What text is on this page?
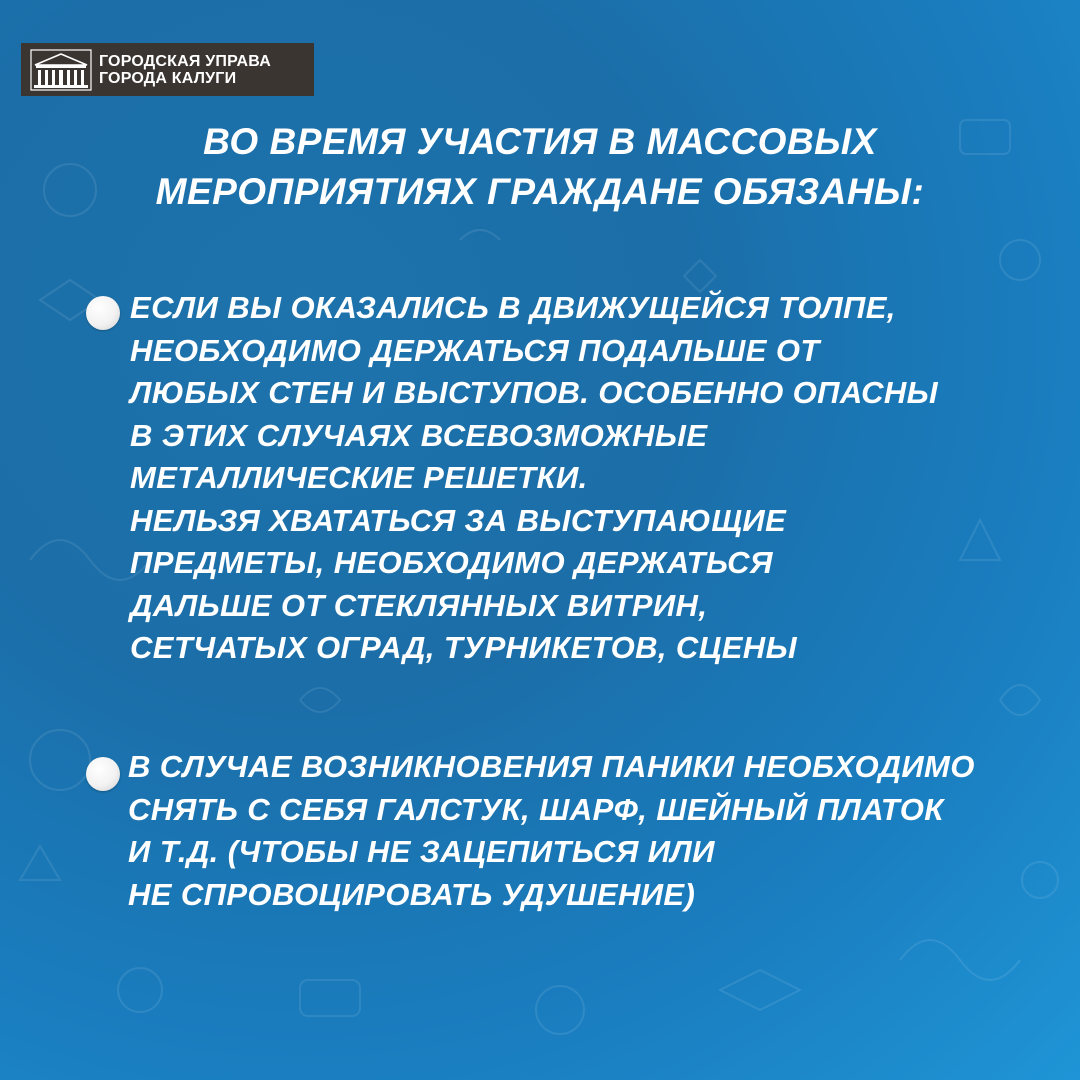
ГОРОДСКАЯ УПРАВА
ГОРОДА КАЛУГИ
ВО ВРЕМЯ УЧАСТИЯ В МАССОВЫХ
МЕРОПРИЯТИЯХ ГРАЖДАНЕ ОБЯЗАНЫ:
ЕСЛИ ВЫ ОКАЗАЛИСЬ В ДВИЖУЩЕЙСЯ ТОЛПЕ,
НЕОБХОДИМО ДЕРЖАТЬСЯ ПОДАЛЬШЕ ОТ
ЛЮБЫХ СТЕН И ВЫСТУПОВ. ОСОБЕННО ОПАСНЫ
В ЭТИХ СЛУЧАЯХ ВСЕВОЗМОЖНЫЕ
МЕТАЛЛИЧЕСКИЕ РЕШЕТКИ.
НЕЛЬЗЯ ХВАТАТЬСЯ ЗА ВЫСТУПАЮЩИЕ
ПРЕДМЕТЫ, НЕОБХОДИМО ДЕРЖАТЬСЯ
ДАЛЬШЕ ОТ СТЕКЛЯННЫХ ВИТРИН,
СЕТЧАТЫХ ОГРАД, ТУРНИКЕТОВ, СЦЕНЫ
В СЛУЧАЕ ВОЗНИКНОВЕНИЯ ПАНИКИ НЕОБХОДИМО
СНЯТЬ С СЕБЯ ГАЛСТУК, ШАРФ, ШЕЙНЫЙ ПЛАТОК
И Т.Д. (ЧТОБЫ НЕ ЗАЦЕПИТЬСЯ ИЛИ
НЕ СПРОВОЦИРОВАТЬ УДУШЕНИЕ)
